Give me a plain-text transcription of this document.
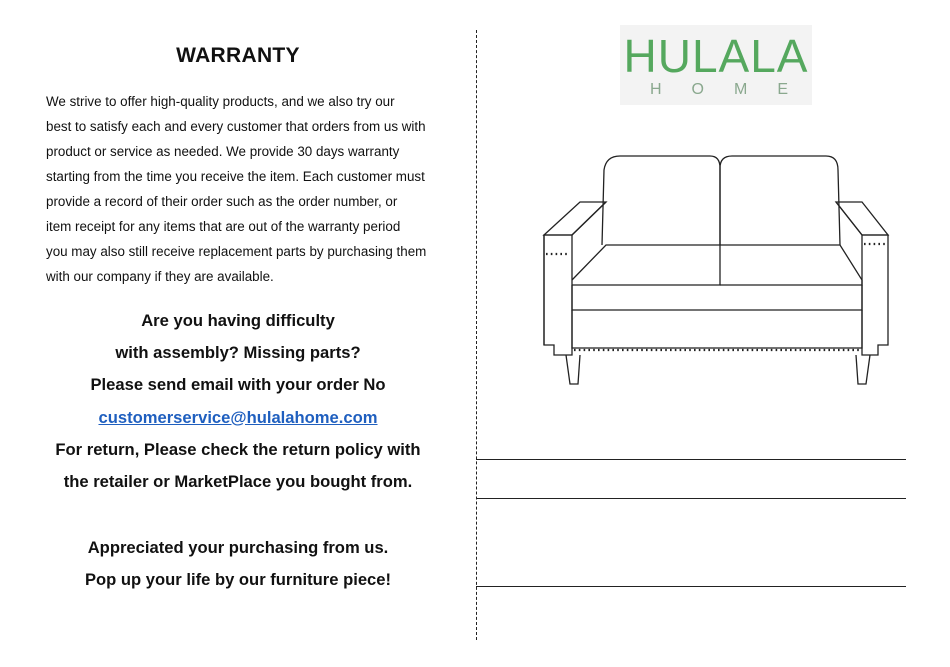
WARRANTY
We strive to offer high-quality products, and we also try our
best to satisfy each and every customer that orders from us with
product or service as needed. We provide 30 days warranty
starting from the time you receive the item. Each customer must
provide a record of their order such as the order number, or
item receipt for any items that are out of the warranty period
you may also still receive replacement parts by purchasing them
with our company if they are available.
Are you having difficulty
with assembly? Missing parts?
Please send email with your order No
customerservice@hulalahome.com
For return, Please check the return policy with
the retailer or MarketPlace you bought from.
Appreciated your purchasing from us.
Pop up your life by our furniture piece!
HULALA
HOME
